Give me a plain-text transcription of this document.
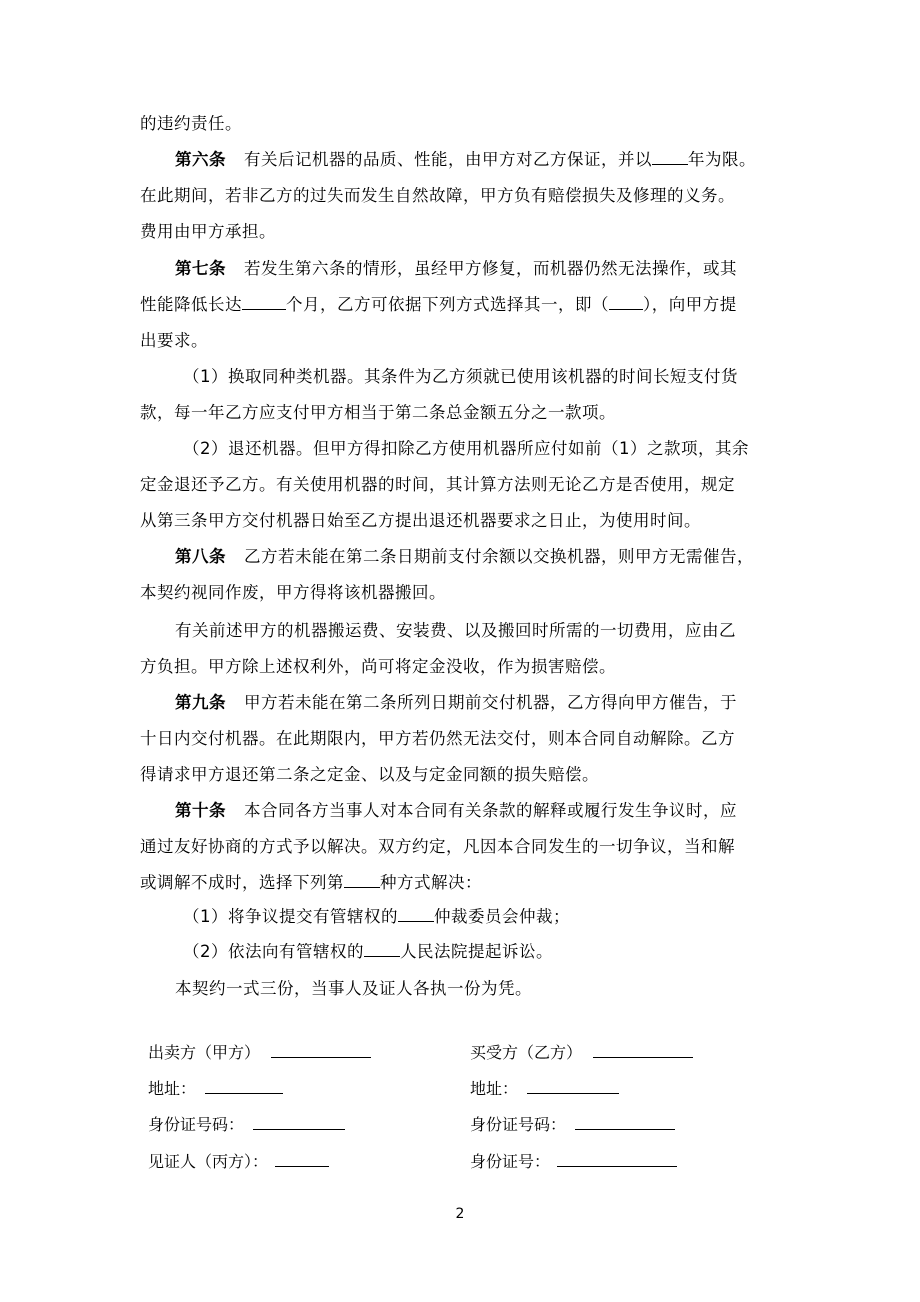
的违约责任。
第六条 有关后记机器的品质、性能，由甲方对乙方保证，并以 年为限。
在此期间，若非乙方的过失而发生自然故障，甲方负有赔偿损失及修理的义务。
费用由甲方承担。
第七条 若发生第六条的情形，虽经甲方修复，而机器仍然无法操作，或其
性能降低长达	个月，乙方可依据下列方式选择其一，即（ ），向甲方提
出要求。
（1）换取同种类机器。其条件为乙方须就已使用该机器的时间长短支付货
款，每一年乙方应支付甲方相当于第二条总金额五分之一款项。
（2）退还机器。但甲方得扣除乙方使用机器所应付如前（1）之款项，其余
定金退还予乙方。有关使用机器的时间，其计算方法则无论乙方是否使用，规定
从第三条甲方交付机器日始至乙方提出退还机器要求之日止，为使用时间。
第八条 乙方若未能在第二条日期前支付余额以交换机器，则甲方无需催告，
本契约视同作废，甲方得将该机器搬回。
有关前述甲方的机器搬运费、安装费、以及搬回时所需的一切费用，应由乙
方负担。甲方除上述权利外，尚可将定金没收，作为损害赔偿。
第九条 甲方若未能在第二条所列日期前交付机器，乙方得向甲方催告，于
十日内交付机器。在此期限内，甲方若仍然无法交付，则本合同自动解除。乙方
得请求甲方退还第二条之定金、以及与定金同额的损失赔偿。
第十条 本合同各方当事人对本合同有关条款的解释或履行发生争议时，应
通过友好协商的方式予以解决。双方约定，凡因本合同发生的一切争议，当和解
或调解不成时，选择下列第 种方式解决：
（1）将争议提交有管辖权的 仲裁委员会仲裁；
（2）依法向有管辖权的 人民法院提起诉讼。
本契约一式三份，当事人及证人各执一份为凭。
出卖方（甲方）	买受方（乙方）
地址：	地址：
身份证号码：	身份证号码：
见证人（丙方）：	身份证号：
2
